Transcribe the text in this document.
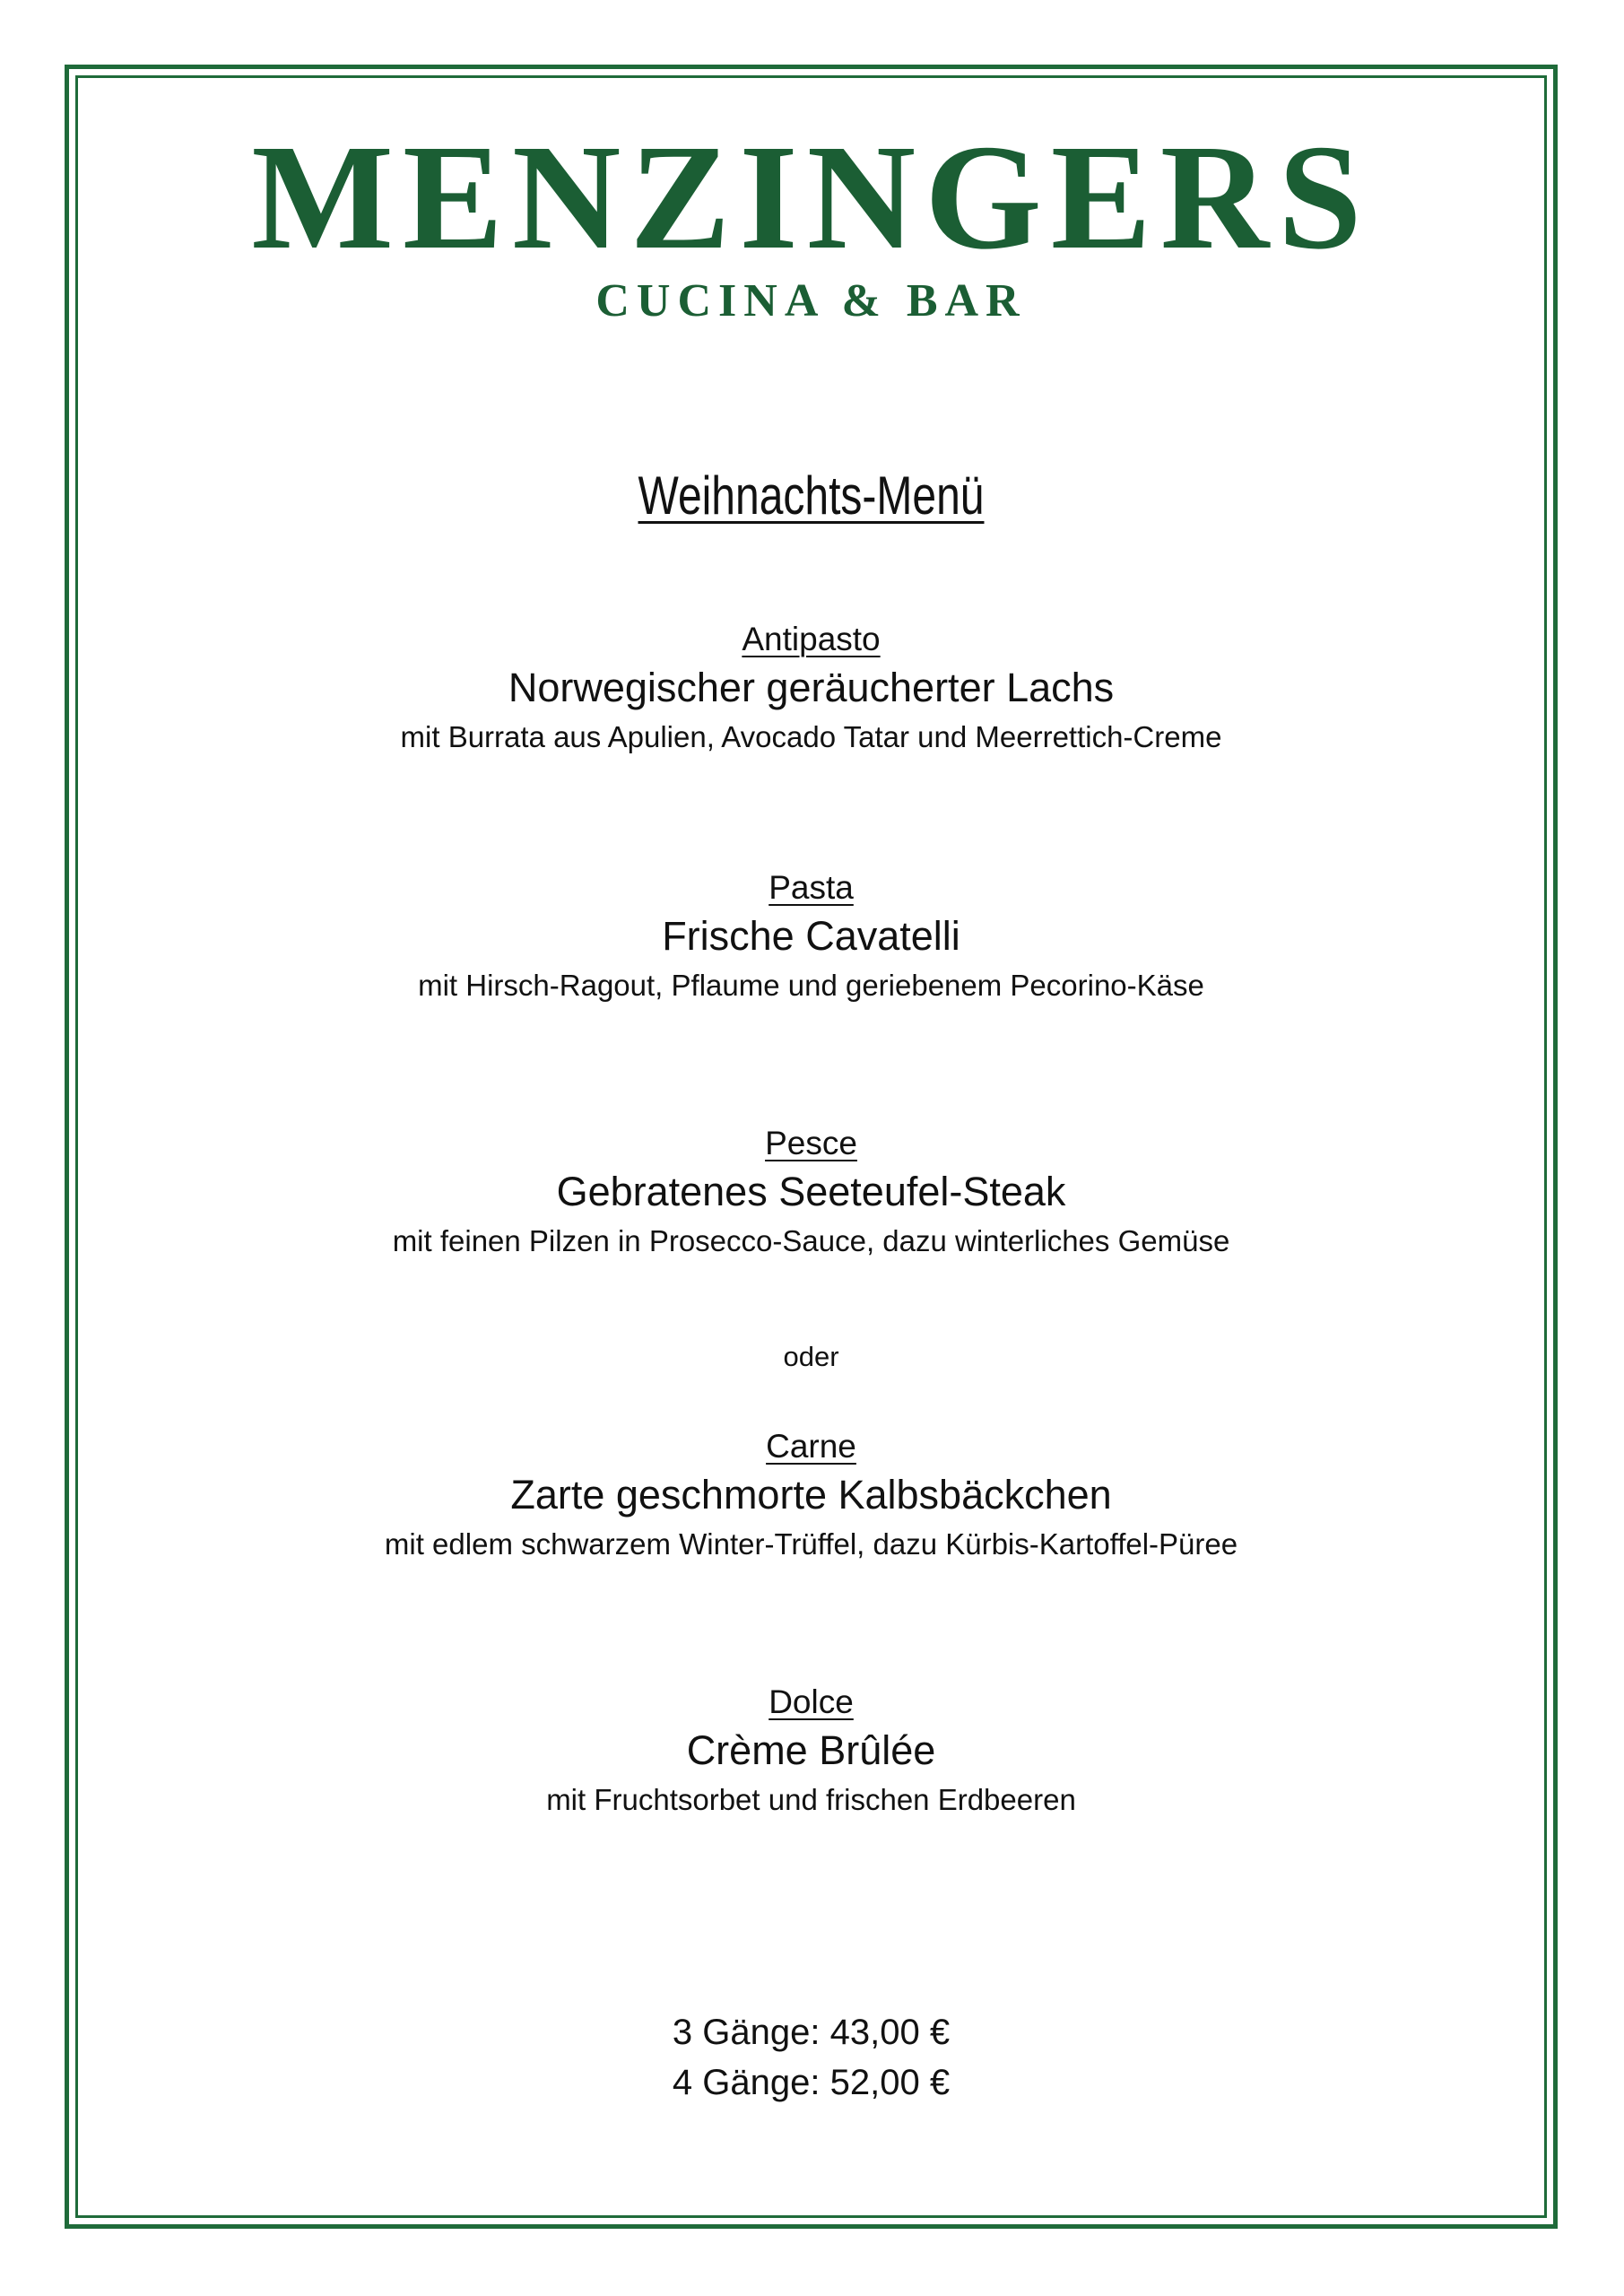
MENZINGERS
CUCINA & BAR
Weihnachts-Menü
Antipasto
Norwegischer geräucherter Lachs
mit Burrata aus Apulien, Avocado Tatar und Meerrettich-Creme
Pasta
Frische Cavatelli
mit Hirsch-Ragout, Pflaume und geriebenem Pecorino-Käse
Pesce
Gebratenes Seeteufel-Steak
mit feinen Pilzen in Prosecco-Sauce, dazu winterliches Gemüse
oder
Carne
Zarte geschmorte Kalbsbäckchen
mit edlem schwarzem Winter-Trüffel, dazu Kürbis-Kartoffel-Püree
Dolce
Crème Brûlée
mit Fruchtsorbet und frischen Erdbeeren
3 Gänge: 43,00 €
4 Gänge: 52,00 €
